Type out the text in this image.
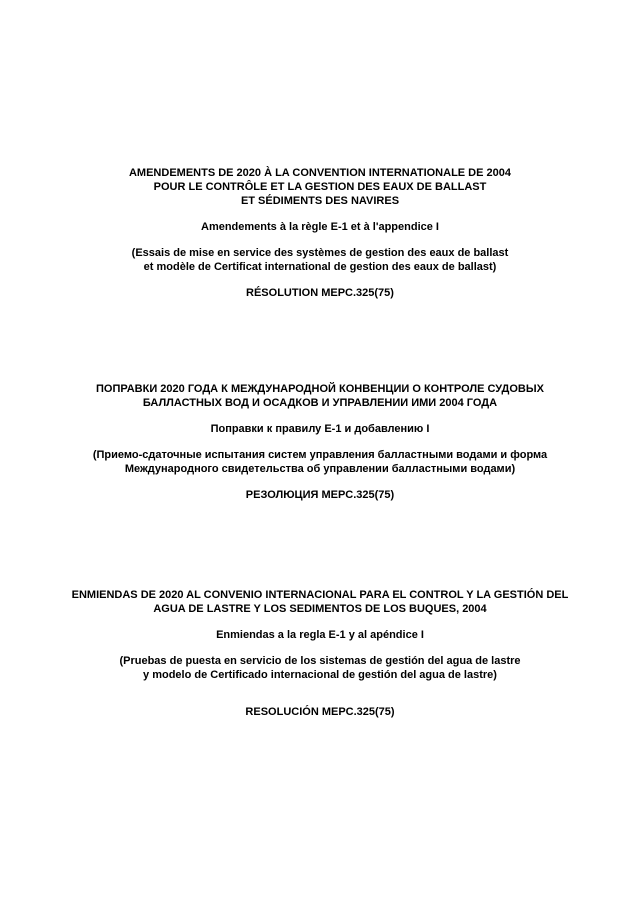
AMENDEMENTS DE 2020 À LA CONVENTION INTERNATIONALE DE 2004
POUR LE CONTRÔLE ET LA GESTION DES EAUX DE BALLAST
ET SÉDIMENTS DES NAVIRES
Amendements à la règle E-1 et à l'appendice I
(Essais de mise en service des systèmes de gestion des eaux de ballast
et modèle de Certificat international de gestion des eaux de ballast)
RÉSOLUTION MEPC.325(75)
ПОПРАВКИ 2020 ГОДА К МЕЖДУНАРОДНОЙ КОНВЕНЦИИ О КОНТРОЛЕ СУДОВЫХ
БАЛЛАСТНЫХ ВОД И ОСАДКОВ И УПРАВЛЕНИИ ИМИ 2004 ГОДА
Поправки к правилу E-1 и добавлению I
(Приемо-сдаточные испытания систем управления балластными водами и форма
Международного свидетельства об управлении балластными водами)
РЕЗОЛЮЦИЯ MEPC.325(75)
ENMIENDAS DE 2020 AL CONVENIO INTERNACIONAL PARA EL CONTROL Y LA GESTIÓN DEL
AGUA DE LASTRE Y LOS SEDIMENTOS DE LOS BUQUES, 2004
Enmiendas a la regla E-1 y al apéndice I
(Pruebas de puesta en servicio de los sistemas de gestión del agua de lastre
y modelo de Certificado internacional de gestión del agua de lastre)
RESOLUCIÓN MEPC.325(75)
